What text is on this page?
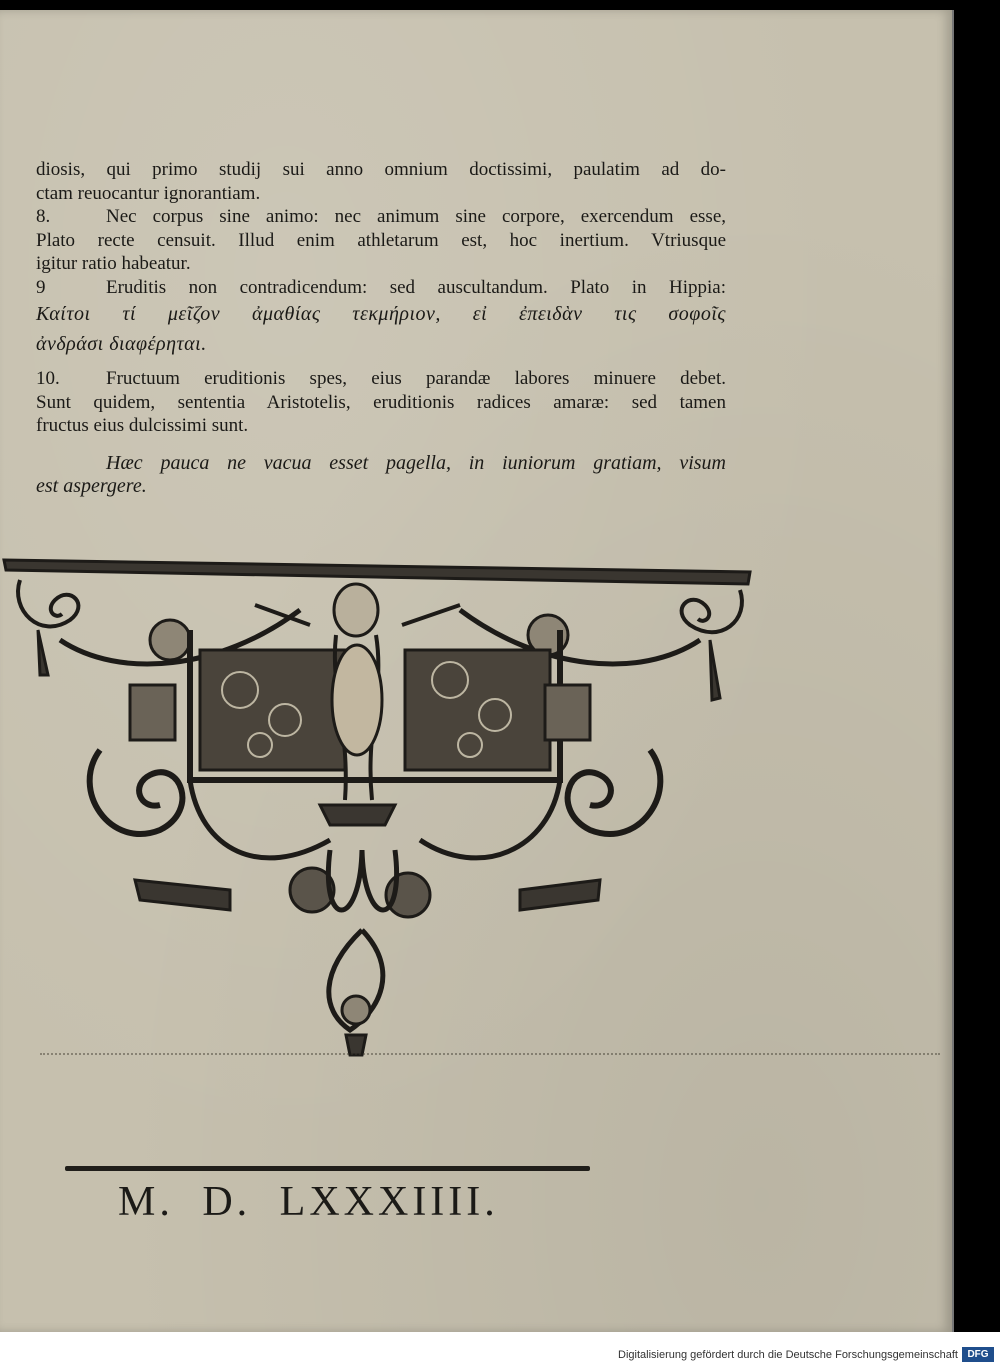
diosis, qui primo studij sui anno omnium doctissimi, paulatim ad do-
ctam reuocantur ignorantiam.
8.	Nec corpus sine animo: nec animum sine corpore, exercendum esse,
Plato recte censuit. Illud enim athletarum est, hoc inertium. Vtriusque
igitur ratio habeatur.
9	Eruditis non contradicendum: sed auscultandum. Plato in Hippia:
Καίτοι τί μεῖζον ἀμαθίας τεκμήριον, εἰ ἐπειδὰν τις σοφοῖς
ἀνδράσι διαφέρηται.
10. Fructuum eruditionis spes, eius parandæ labores minuere debet.
Sunt quidem, sententia Aristotelis, eruditionis radices amaræ: sed tamen
fructus eius dulcissimi sunt.
Hæc pauca ne vacua esset pagella, in iuniorum gratiam, visum
est aspergere.
M. D. LXXXIIII.
Digitalisierung gefördert durch die Deutsche Forschungsgemeinschaft DFG
